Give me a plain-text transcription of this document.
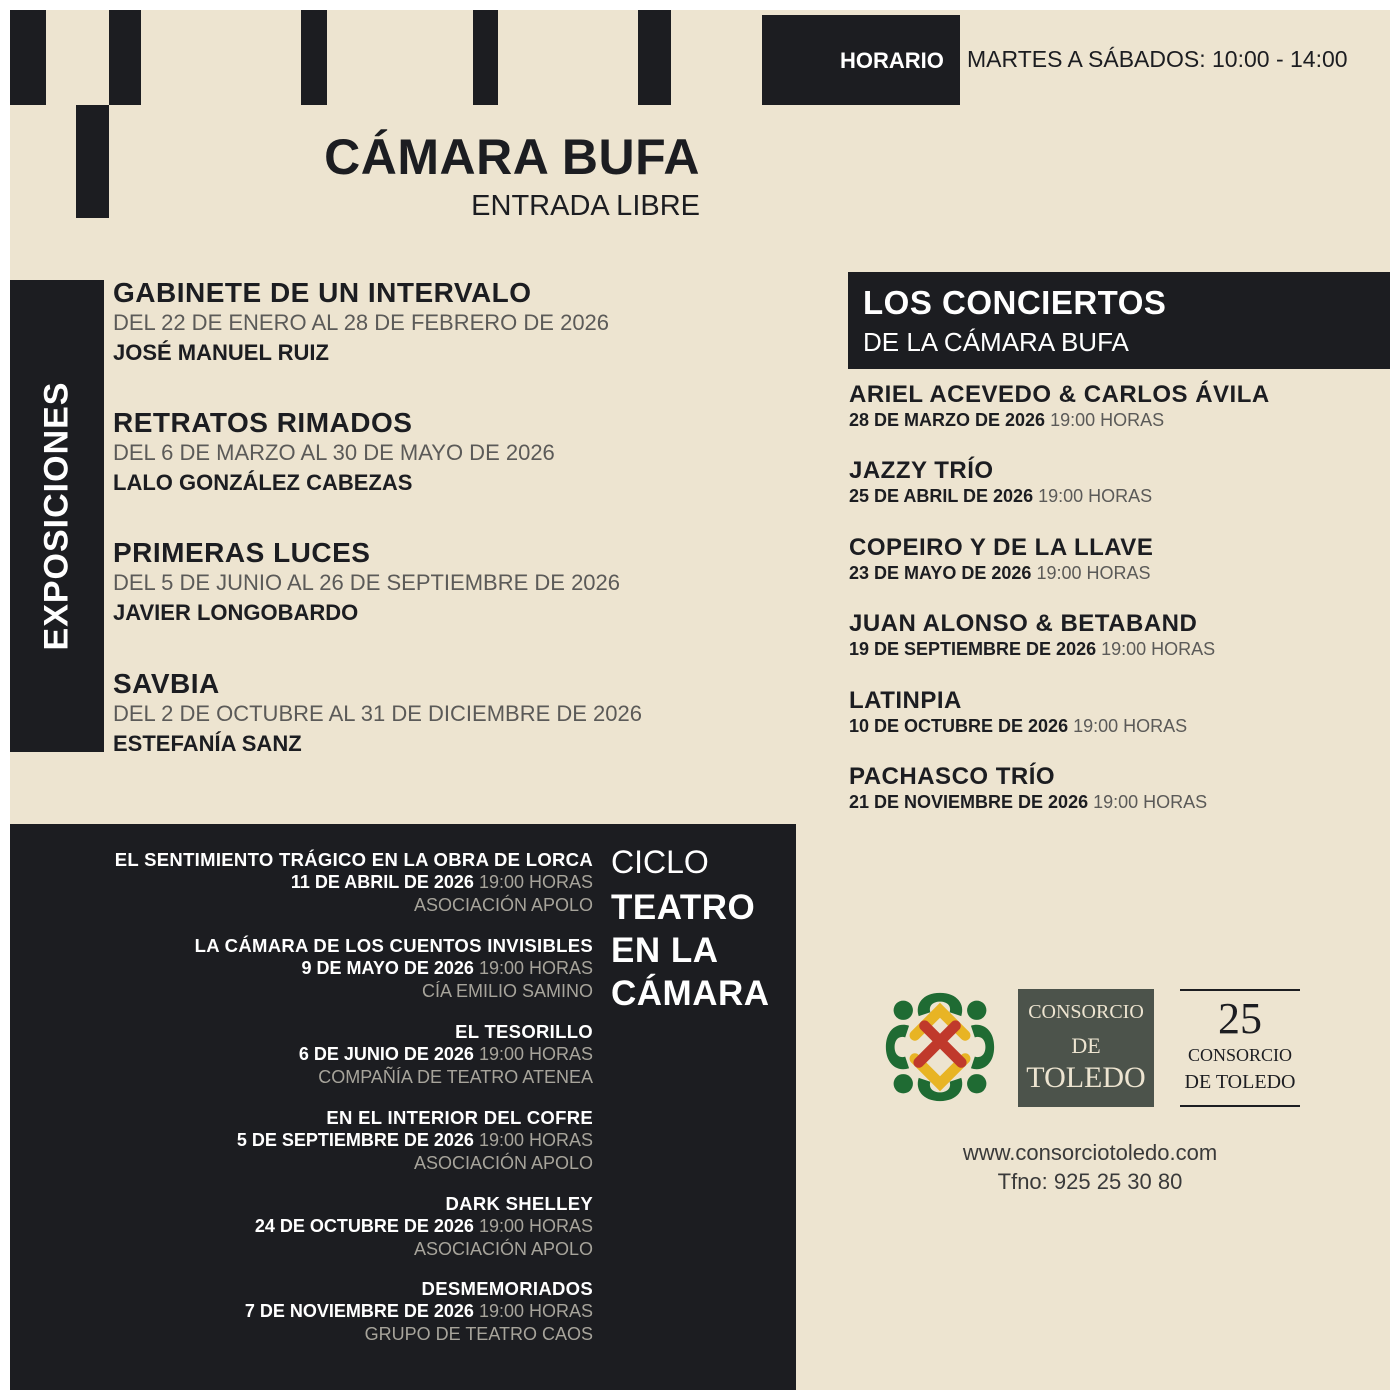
HORARIO MARTES A SÁBADOS: 10:00 - 14:00
CÁMARA BUFA
ENTRADA LIBRE
EXPOSICIONES
GABINETE DE UN INTERVALO
DEL 22 DE ENERO AL 28 DE FEBRERO DE 2026
JOSÉ MANUEL RUIZ
RETRATOS RIMADOS
DEL 6 DE MARZO AL 30 DE MAYO DE 2026
LALO GONZÁLEZ CABEZAS
PRIMERAS LUCES
DEL 5 DE JUNIO AL 26 DE SEPTIEMBRE DE 2026
JAVIER LONGOBARDO
SAVBIA
DEL 2 DE OCTUBRE AL 31 DE DICIEMBRE DE 2026
ESTEFANÍA SANZ
LOS CONCIERTOS
DE LA CÁMARA BUFA
ARIEL ACEVEDO & CARLOS ÁVILA
28 DE MARZO DE 2026 19:00 HORAS
JAZZY TRÍO
25 DE ABRIL DE 2026 19:00 HORAS
COPEIRO Y DE LA LLAVE
23 DE MAYO DE 2026 19:00 HORAS
JUAN ALONSO & BETABAND
19 DE SEPTIEMBRE DE 2026 19:00 HORAS
LATINPIA
10 DE OCTUBRE DE 2026 19:00 HORAS
PACHASCO TRÍO
21 DE NOVIEMBRE DE 2026 19:00 HORAS
EL SENTIMIENTO TRÁGICO EN LA OBRA DE LORCA
11 DE ABRIL DE 2026 19:00 HORAS
ASOCIACIÓN APOLO
LA CÁMARA DE LOS CUENTOS INVISIBLES
9 DE MAYO DE 2026 19:00 HORAS
CÍA EMILIO SAMINO
EL TESORILLO
6 DE JUNIO DE 2026 19:00 HORAS
COMPAÑÍA DE TEATRO ATENEA
EN EL INTERIOR DEL COFRE
5 DE SEPTIEMBRE DE 2026 19:00 HORAS
ASOCIACIÓN APOLO
DARK SHELLEY
24 DE OCTUBRE DE 2026 19:00 HORAS
ASOCIACIÓN APOLO
DESMEMORIADOS
7 DE NOVIEMBRE DE 2026 19:00 HORAS
GRUPO DE TEATRO CAOS
CICLO
TEATRO
EN LA
CÁMARA	CONSORCIO
DE
TOLEDO
25
CONSORCIO
DE TOLEDO
www.consorciotoledo.com
Tfno: 925 25 30 80
